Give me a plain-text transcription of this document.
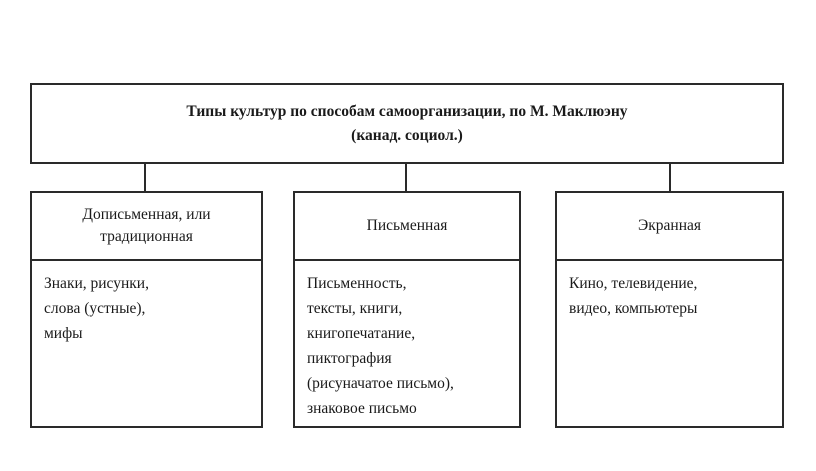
Типы культур по способам самоорганизации, по М. Маклюэну
(канад. социол.)
Дописьменная, или
традиционная
Знаки, рисунки,
слова (устные),
мифы
Письменная
Письменность,
тексты, книги,
книгопечатание,
пиктография
(рисуначатое письмо),
знаковое письмо
Экранная
Кино, телевидение,
видео, компьютеры
